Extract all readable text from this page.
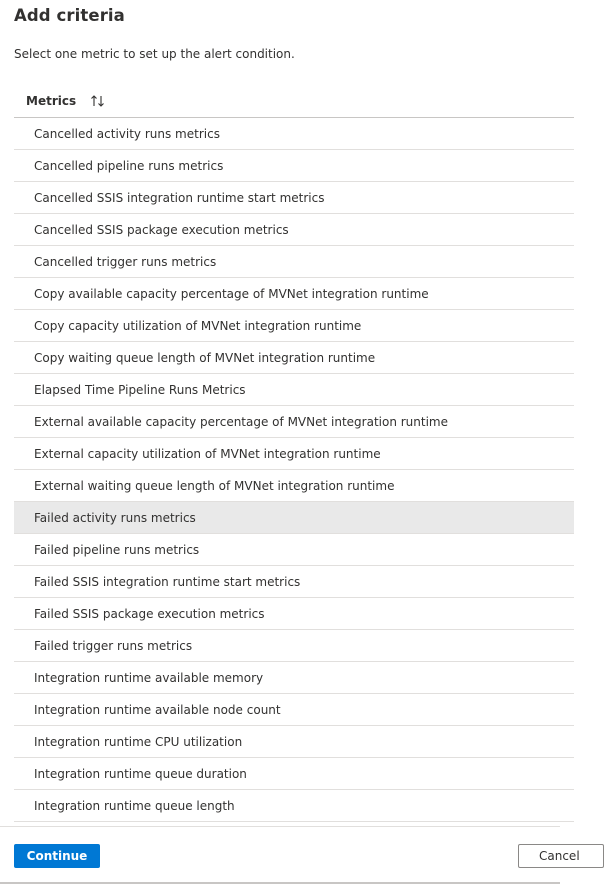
Add criteria

Select one metric to set up the alert condition.

Metrics
Cancelled activity runs metrics
Cancelled pipeline runs metrics
Cancelled SSIS integration runtime start metrics
Cancelled SSIS package execution metrics
Cancelled trigger runs metrics
Copy available capacity percentage of MVNet integration runtime
Copy capacity utilization of MVNet integration runtime
Copy waiting queue length of MVNet integration runtime
Elapsed Time Pipeline Runs Metrics
External available capacity percentage of MVNet integration runtime
External capacity utilization of MVNet integration runtime
External waiting queue length of MVNet integration runtime
Failed activity runs metrics
Failed pipeline runs metrics
Failed SSIS integration runtime start metrics
Failed SSIS package execution metrics
Failed trigger runs metrics
Integration runtime available memory
Integration runtime available node count
Integration runtime CPU utilization
Integration runtime queue duration
Integration runtime queue length
Continue	Cancel
